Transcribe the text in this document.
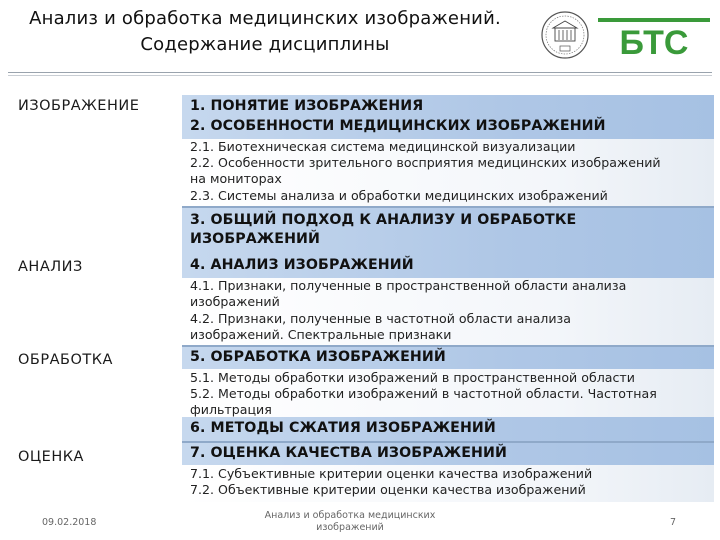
Анализ и обработка медицинских изображений.
Содержание дисциплины	БТС
ИЗОБРАЖЕНИЕ
АНАЛИЗ
ОБРАБОТКА
ОЦЕНКА
1. ПОНЯТИЕ ИЗОБРАЖЕНИЯ
2. ОСОБЕННОСТИ МЕДИЦИНСКИХ ИЗОБРАЖЕНИЙ
2.1. Биотехническая система медицинской визуализации
2.2. Особенности зрительного восприятия медицинских изображений
на мониторах
2.3. Системы анализа и обработки медицинских изображений
3. ОБЩИЙ ПОДХОД К АНАЛИЗУ И ОБРАБОТКЕ
ИЗОБРАЖЕНИЙ
4. АНАЛИЗ ИЗОБРАЖЕНИЙ
4.1. Признаки, полученные в пространственной области анализа
изображений
4.2. Признаки, полученные в частотной области анализа
изображений. Спектральные признаки
5. ОБРАБОТКА ИЗОБРАЖЕНИЙ
5.1. Методы обработки изображений в пространственной области
5.2. Методы обработки изображений в частотной области. Частотная
фильтрация
6. МЕТОДЫ СЖАТИЯ ИЗОБРАЖЕНИЙ
7. ОЦЕНКА КАЧЕСТВА ИЗОБРАЖЕНИЙ
7.1. Субъективные критерии оценки качества изображений
7.2. Объективные критерии оценки качества изображений
09.02.2018
Анализ и обработка медицинских
изображений	7
